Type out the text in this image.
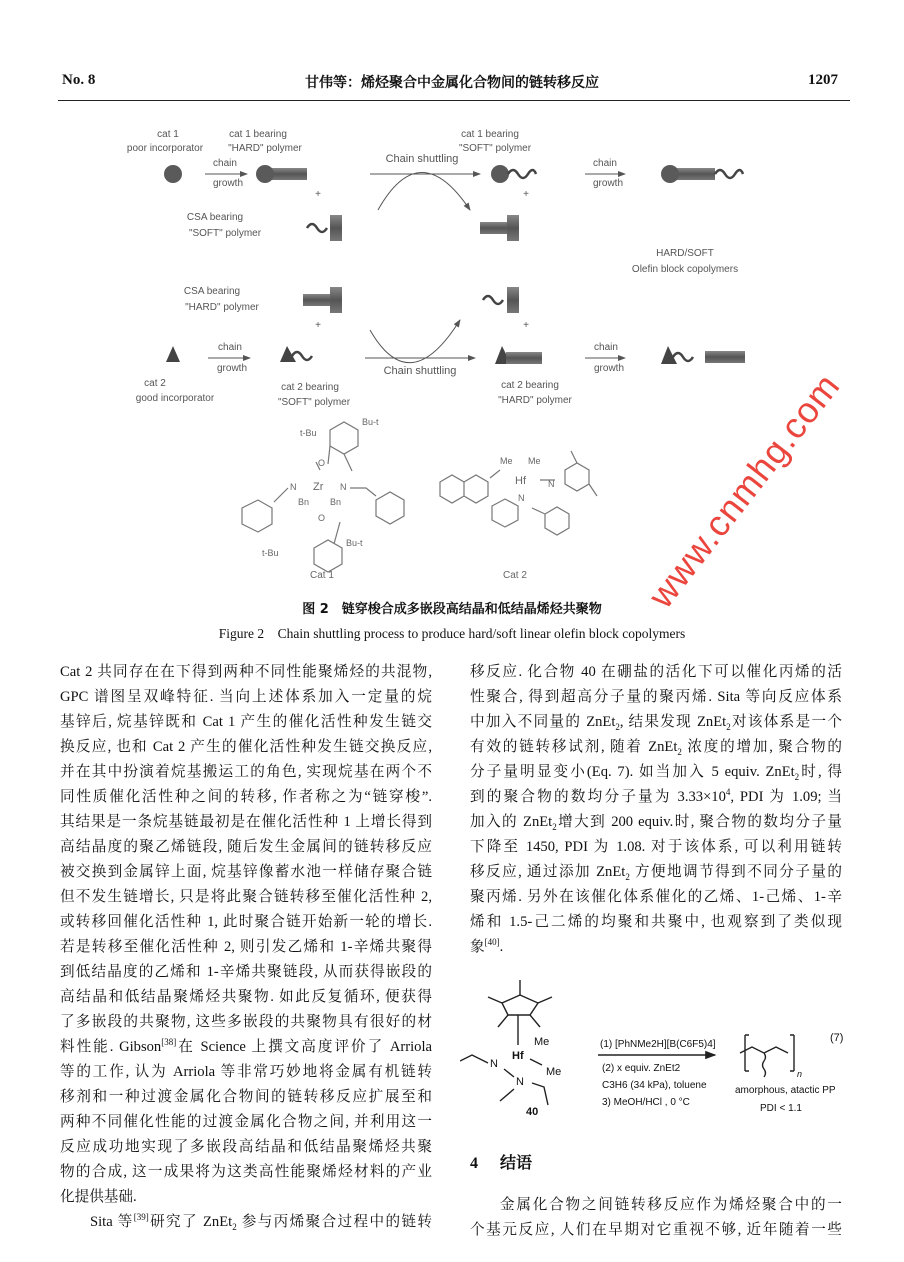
No. 8	甘伟等：烯烃聚合中金属化合物间的链转移反应	1207
cat 1
poor incorporator
chain
growth
cat 1 bearing
"HARD" polymer
Chain shuttling
cat 1 bearing
"SOFT" polymer
chain
growth
+	+
CSA bearing
"SOFT" polymer
HARD/SOFT
Olefin block copolymers
CSA bearing
"HARD" polymer
+	+
chain
growth	Chain shuttling
chain
growth
cat 2
good incorporator
cat 2 bearing
"SOFT" polymer
cat 2 bearing
"HARD" polymer
t-Bu
Bu-t
O
N Zr N
Bn Bn
O
t-Bu
Bu-t
Cat 1
Me Me
Hf N
N
Cat 2
图 2　链穿梭合成多嵌段高结晶和低结晶烯烃共聚物
Figure 2　Chain shuttling process to produce hard/soft linear olefin block copolymers
Cat 2 共同存在在下得到两种不同性能聚烯烃的共混物,
GPC 谱图呈双峰特征. 当向上述体系加入一定量的烷
基锌后, 烷基锌既和 Cat 1 产生的催化活性种发生链交
换反应, 也和 Cat 2 产生的催化活性种发生链交换反应,
并在其中扮演着烷基搬运工的角色, 实现烷基在两个不
同性质催化活性种之间的转移, 作者称之为“链穿梭”.
其结果是一条烷基链最初是在催化活性种 1 上增长得到
高结晶度的聚乙烯链段, 随后发生金属间的链转移反应
被交换到金属锌上面, 烷基锌像蓄水池一样储存聚合链
但不发生链增长, 只是将此聚合链转移至催化活性种 2,
或转移回催化活性种 1, 此时聚合链开始新一轮的增长.
若是转移至催化活性种 2, 则引发乙烯和 1-辛烯共聚得
到低结晶度的乙烯和 1-辛烯共聚链段, 从而获得嵌段的
高结晶和低结晶聚烯烃共聚物. 如此反复循环, 便获得
了多嵌段的共聚物, 这些多嵌段的共聚物具有很好的材
料性能. Gibson[38]在 Science 上撰文高度评价了 Arriola
等的工作, 认为 Arriola 等非常巧妙地将金属有机链转
移剂和一种过渡金属化合物间的链转移反应扩展至和
两种不同催化性能的过渡金属化合物之间, 并利用这一
反应成功地实现了多嵌段高结晶和低结晶聚烯烃共聚
物的合成, 这一成果将为这类高性能聚烯烃材料的产业
化提供基础.
Sita 等[39]研究了 ZnEt$_2$ 参与丙烯聚合过程中的链转
移反应. 化合物 40 在硼盐的活化下可以催化丙烯的活
性聚合, 得到超高分子量的聚丙烯. Sita 等向反应体系
中加入不同量的 ZnEt$_2$, 结果发现 ZnEt$_2$对该体系是一个
有效的链转移试剂, 随着 ZnEt$_2$ 浓度的增加, 聚合物的
分子量明显变小(Eq. 7). 如当加入 5 equiv. ZnEt$_2$时, 得
到的聚合物的数均分子量为 $3.33\times 10^4$, PDI 为 1.09; 当
加入的 ZnEt$_2$增大到 200 equiv.时, 聚合物的数均分子量
下降至 1450, PDI 为 1.08. 对于该体系, 可以利用链转
移反应, 通过添加 ZnEt$_2$ 方便地调节得到不同分子量的
聚丙烯. 另外在该催化体系催化的乙烯、1-己烯、1-辛
烯和 1.5-己二烯的均聚和共聚中, 也观察到了类似现
象[40].
Hf
Me
Me
N
N
40
(1) [PhNMe2H][B(C6F5)4]
(2) x equiv. ZnEt2
C3H6 (34 kPa), toluene
3) MeOH/HCl , 0 °C
n
(7)
amorphous, atactic PP
PDI < 1.1
4 结语
金属化合物之间链转移反应作为烯烃聚合中的一
个基元反应, 人们在早期对它重视不够, 近年随着一些
www.cnmhg.com
